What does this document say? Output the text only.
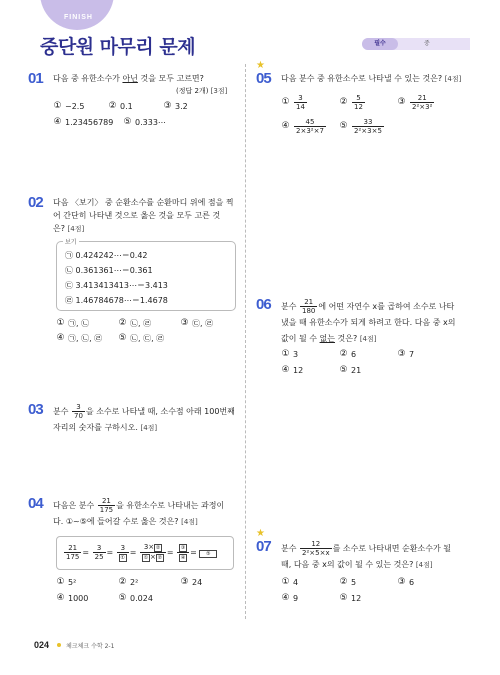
FINISH
중단원 마무리 문제	필수	중
01 다음 중 유한소수가 아닌 것을 모두 고르면?
(정답 2개) [3점]
① −2.5	② 0.1	③ 3.2̇
④ 1.23456789 ⑤ 0.333⋯
02 다음 〈보기〉 중 순환소수를 순환마디 위에 점을 찍
어 간단히 나타낸 것으로 옳은 것을 모두 고른 것
은? [4점]
보기
㉠ 0.424242⋯＝0.4̇2̇
㉡ 0.361361⋯＝0.3̇61̇
㉢ 3.413413413⋯＝3.4̇13̇
㉣ 1.46784678⋯＝1.4̇678̇
① ㉠, ㉡	② ㉡, ㉣	③ ㉢, ㉣
④ ㉠, ㉡, ㉣ ⑤ ㉡, ㉢, ㉣
03 분수 $\frac{3}{70}$ 을 소수로 나타낼 때, 소수점 아래 100번째
자리의 숫자를 구하시오. [4점]
04 다음은 분수 $\frac{21}{175}$ 을 유한소수로 나타내는 과정이
다. ①~⑤에 들어갈 수로 옳은 것은? [4점]
$\frac{21}{175} = \frac{3}{25} = \frac{3}{\text{①}} = \frac{\text{3× ②}}{\text{① × ②}} = \frac{\text{③}}{\text{④}}$ = ⑤
① 5²	② 2²	③ 24
④ 1000	⑤ 0.024
★
05 다음 분수 중 유한소수로 나타낼 수 있는 것은? [4점]
① $\frac{3}{14}$	② $\frac{5}{12}$	③ $\frac{21}{\text{2²×3²}}$
④ $\frac{45}{\text{2×3²×7}}$ ⑤ $\frac{33}{\text{2²×3×5}}$
06 분수 $\frac{21}{180}$ 에 어떤 자연수 x를 곱하여 소수로 나타
냈을 때 유한소수가 되게 하려고 한다. 다음 중 x의
값이 될 수 없는 것은? [4점]
① 3	② 6	③ 7
④ 12	⑤ 21
★
07 분수 $\frac{12}{\text{2²×5×x}}$ 를 소수로 나타내면 순환소수가 될
때, 다음 중 x의 값이 될 수 있는 것은? [4점]
① 4	② 5	③ 6
④ 9	⑤ 12
024	체크체크 수학 2-1
